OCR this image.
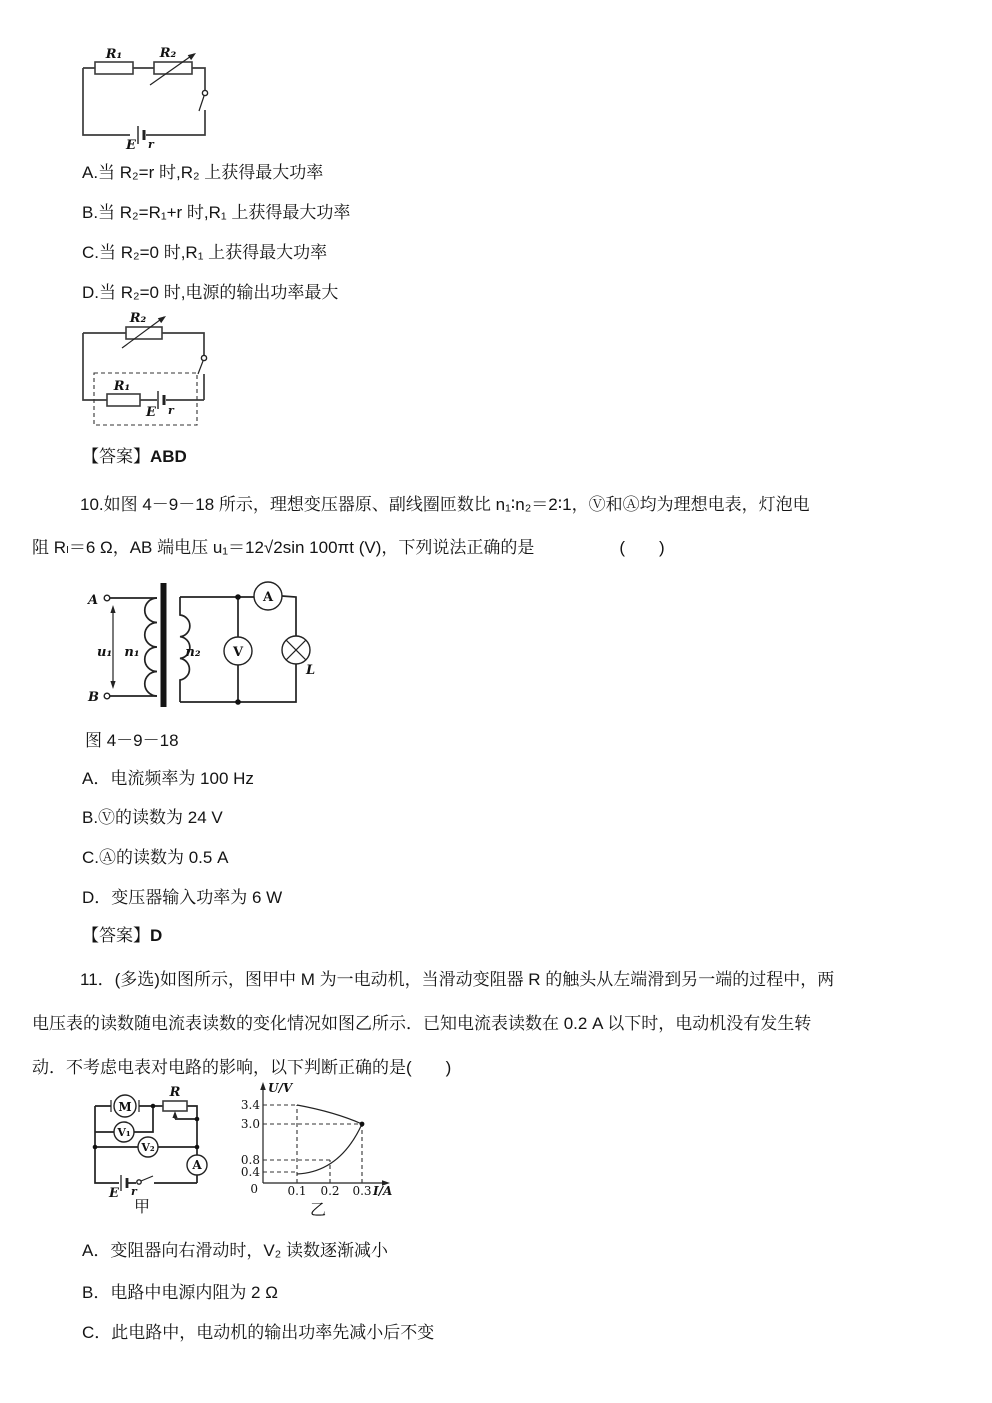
R₁	R₂
E r
A.当 R₂=r 时,R₂ 上获得最大功率
B.当 R₂=R₁+r 时,R₁ 上获得最大功率
C.当 R₂=0 时,R₁ 上获得最大功率
D.当 R₂=0 时,电源的输出功率最大
R₂
R₁
E r
【答案】ABD
10.如图 4－9－18 所示，理想变压器原、副线圈匝数比 n₁∶n₂＝2∶1，Ⓥ和Ⓐ均为理想电表，灯泡电
阻 Rₗ＝6 Ω，AB 端电压 u₁＝12√2sin 100πt (V)，下列说法正确的是　　　　　(　　)
A
B
u₁ n₁	n₂
A
V
L
图 4－9－18
A．电流频率为 100 Hz
B.Ⓥ的读数为 24 V
C.Ⓐ的读数为 0.5 A
D．变压器输入功率为 6 W
【答案】D
11．(多选)如图所示，图甲中 M 为一电动机，当滑动变阻器 R 的触头从左端滑到另一端的过程中，两
电压表的读数随电流表读数的变化情况如图乙所示．已知电流表读数在 0.2 A 以下时，电动机没有发生转
动．不考虑电表对电路的影响，以下判断正确的是(　　)
M
R
V₁
V₂
A
E r
甲
U/V
I/A
3.4
3.0
0.8
0.4
0 0.1 0.2 0.3
乙
A．变阻器向右滑动时，V₂ 读数逐渐减小
B．电路中电源内阻为 2 Ω
C．此电路中，电动机的输出功率先减小后不变
